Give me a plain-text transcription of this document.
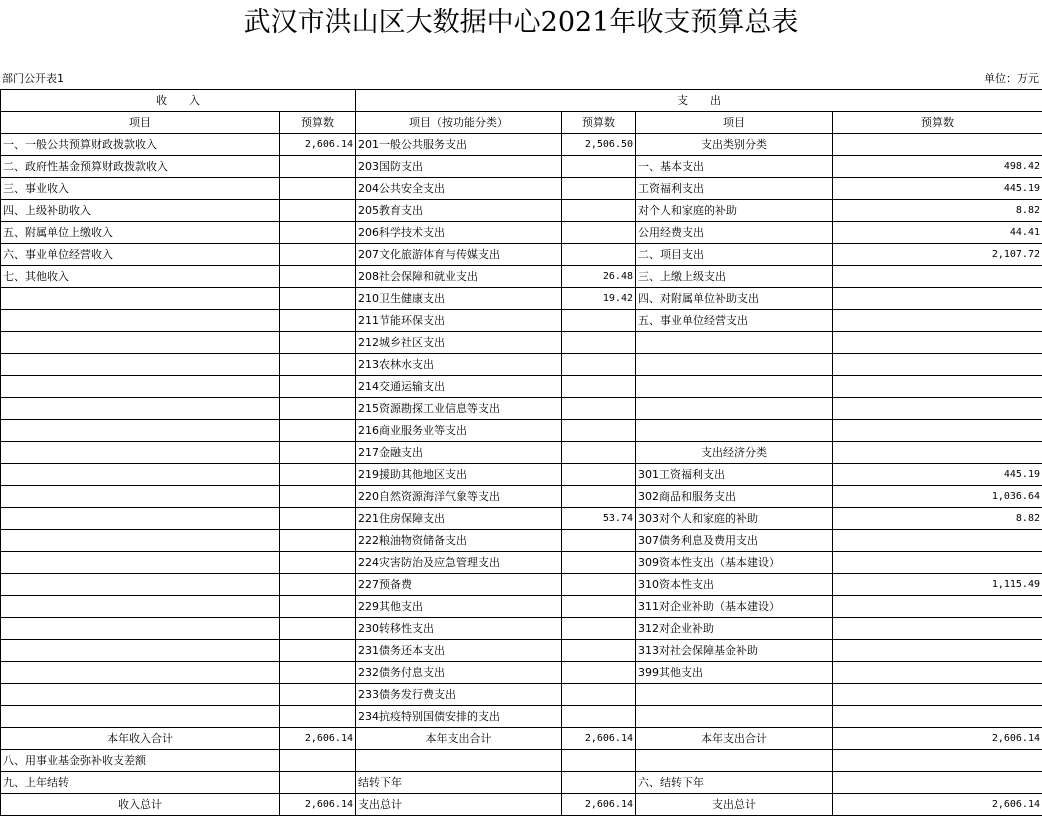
武汉市洪山区大数据中心2021年收支预算总表
部门公开表1	单位：万元
收　　入		支　　出			
项目	预算数	项目（按功能分类）	预算数	项目	预算数
一、一般公共预算财政拨款收入	2,606.14	201一般公共服务支出	2,506.50	支出类别分类	
二、政府性基金预算财政拨款收入		203国防支出		一、基本支出	498.42
三、事业收入		204公共安全支出		工资福利支出	445.19
四、上级补助收入		205教育支出		对个人和家庭的补助	8.82
五、附属单位上缴收入		206科学技术支出		公用经费支出	44.41
六、事业单位经营收入		207文化旅游体育与传媒支出		二、项目支出	2,107.72
七、其他收入		208社会保障和就业支出	26.48	三、上缴上级支出	
		210卫生健康支出	19.42	四、对附属单位补助支出	
		211节能环保支出		五、事业单位经营支出	
		212城乡社区支出			
		213农林水支出			
		214交通运输支出			
		215资源勘探工业信息等支出			
		216商业服务业等支出			
		217金融支出		支出经济分类	
		219援助其他地区支出		301工资福利支出	445.19
		220自然资源海洋气象等支出		302商品和服务支出	1,036.64
		221住房保障支出	53.74	303对个人和家庭的补助	8.82
		222粮油物资储备支出		307债务利息及费用支出	
		224灾害防治及应急管理支出		309资本性支出（基本建设）	
		227预备费		310资本性支出	1,115.49
		229其他支出		311对企业补助（基本建设）	
		230转移性支出		312对企业补助	
		231债务还本支出		313对社会保障基金补助	
		232债务付息支出		399其他支出	
		233债务发行费支出			
		234抗疫特别国债安排的支出			
本年收入合计	2,606.14	本年支出合计	2,606.14	本年支出合计	2,606.14
八、用事业基金弥补收支差额					
九、上年结转		结转下年		六、结转下年	
收入总计	2,606.14	支出总计	2,606.14	支出总计	2,606.14
